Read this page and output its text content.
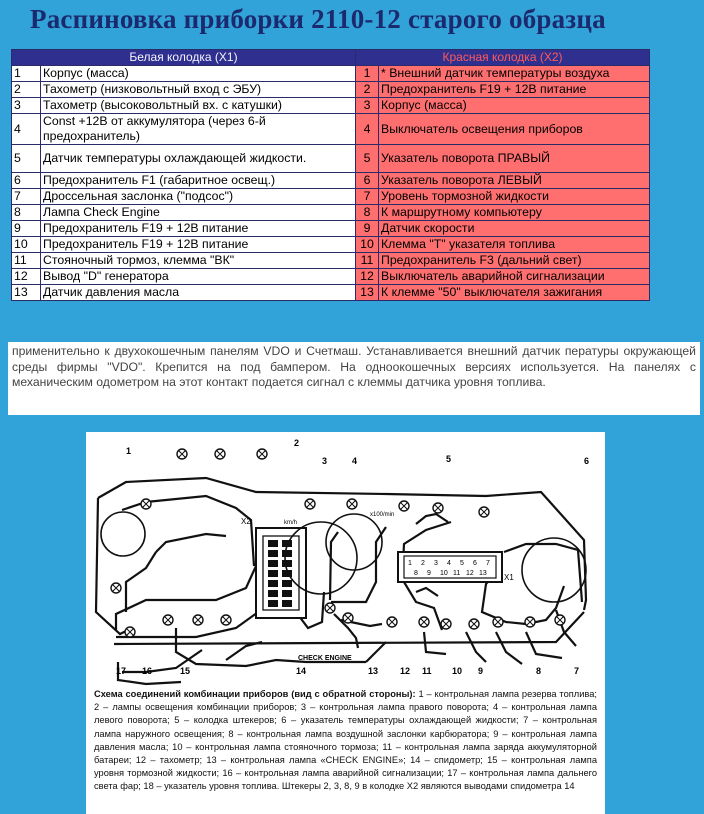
Распиновка приборки 2110-12 старого образца
Белая колодка (X1)		Красная колодка (X2)	
1	Корпус (масса)	1	* Внешний датчик температуры воздуха
2	Тахометр (низковольтный вход с ЭБУ)	2	Предохранитель F19 + 12В питание
3	Тахометр (высоковольтный вх. с катушки)	3	Корпус (масса)
4	Const +12В от аккумулятора (через 6-й предохранитель)	4	Выключатель освещения приборов
5	Датчик температуры охлаждающей жидкости.	5	Указатель поворота ПРАВЫЙ
6	Предохранитель F1 (габаритное освещ.)	6	Указатель поворота ЛЕВЫЙ
7	Дроссельная заслонка ("подсос")	7	Уровень тормозной жидкости
8	Лампа Check Engine	8	К маршрутному компьютеру
9	Предохранитель F19 + 12В питание	9	Датчик скорости
10	Предохранитель F19 + 12В питание	10	Клемма "Т" указателя топлива
11	Стояночный тормоз, клемма "ВК"	11	Предохранитель F3 (дальний свет)
12	Вывод "D" генератора	12	Выключатель аварийной сигнализации
13	Датчик давления масла	13	К клемме "50" выключателя зажигания
применительно к двухокошечным панелям VDO и Счетмаш. Устанавливается внешний датчик пературы окружающей среды фирмы "VDO". Крепится на под бампером. На одноокошечных версиях используется. На панелях с механическим одометром на этот контакт подается сигнал с клеммы датчика уровня топлива.
1 2 3 4 5 6 7
8 9 10 11 12 13
1
2
3	4	5	6
17 16	15	14	13 12 11 10 9	8	7
X2	km/h
x100/min
X1
CHECK ENGINE
Схема соединений комбинации приборов (вид с обратной стороны): 1 – контрольная лампа резерва топлива; 2 – лампы освещения комбинации приборов; 3 – контрольная лампа правого поворота; 4 – контрольная лампа левого поворота; 5 – колодка штекеров; 6 – указатель температуры охлаждающей жидкости; 7 – контрольная лампа наружного освещения; 8 – контрольная лампа воздушной заслонки карбюратора; 9 – контрольная лампа давления масла; 10 – контрольная лампа стояночного тормоза; 11 – контрольная лампа заряда аккумуляторной батареи; 12 – тахометр; 13 – контрольная лампа «CHECK ENGINE»; 14 – спидометр; 15 – контрольная лампа уровня тормозной жидкости; 16 – контрольная лампа аварийной сигнализации; 17 – контрольная лампа дальнего света фар; 18 – указатель уровня топлива. Штекеры 2, 3, 8, 9 в колодке X2 являются выводами спидометра 14
